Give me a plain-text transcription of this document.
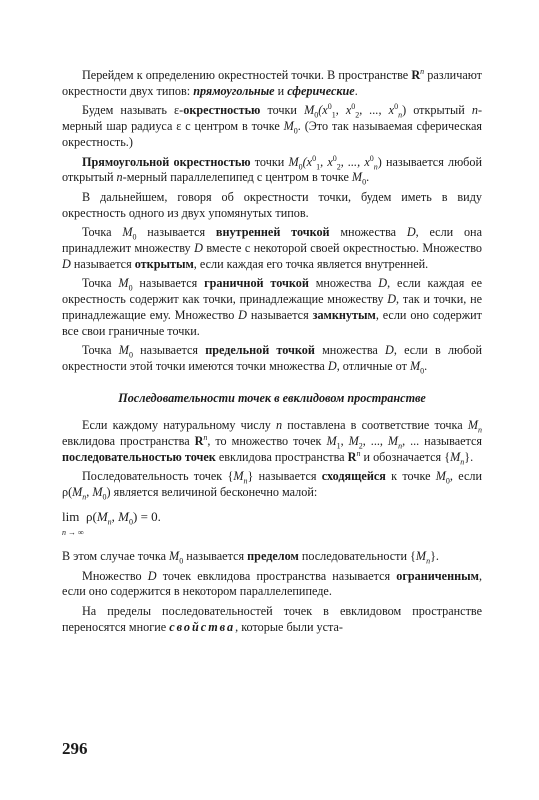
Перейдем к определению окрестностей точки. В пространстве $R^n$ различают окрестности двух типов: прямоугольные и сферические.

Будем называть ε-окрестностью точки $M_0(x^0_1$, $x^0_2$, ..., $x^0_n$) открытый n-мерный шар радиуса ε с центром в точке $M_0$. (Это так называемая сферическая окрестность.)

Прямоугольной окрестностью точки $M_0(x^0_1$, $x^0_2$, ..., $x^0_n$) называется любой открытый n-мерный параллелепипед с центром в точке $M_0$.

В дальнейшем, говоря об окрестности точки, будем иметь в виду окрестность одного из двух упомянутых типов.

Точка $M_0$ называется внутренней точкой множества D, если она принадлежит множеству D вместе с некоторой своей окрестностью. Множество D называется открытым, если каждая его точка является внутренней.

Точка $M_0$ называется граничной точкой множества D, если каждая ее окрестность содержит как точки, принадлежащие множеству D, так и точки, не принадлежащие ему. Множество D называется замкнутым, если оно содержит все свои граничные точки.

Точка $M_0$ называется предельной точкой множества D, если в любой окрестности этой точки имеются точки множества D, отличные от $M_0$.

Последовательности точек в евклидовом пространстве

Если каждому натуральному числу n поставлена в соответствие точка $M_n$ евклидова пространства $R^n$, то множество точек $M_1$, $M_2$, ..., $M_n$, ... называется последовательностью точек евклидова пространства $R^n$ и обозначается $\{M_n\}$.

Последовательность точек $\{M_n\}$ называется сходящейся к точке $M_0$, если $\rho(M_n$, $M_0$) является величиной бесконечно малой:

lim
n → ∞
$\rho(M_n$, $M_0) = 0$.

В этом случае точка $M_0$ называется пределом последовательности $\{M_n\}$.

Множество D точек евклидова пространства называется ограниченным, если оно содержится в некотором параллелепипеде.

На пределы последовательностей точек в евклидовом пространстве переносятся многие свойства, которые были уста-

296
